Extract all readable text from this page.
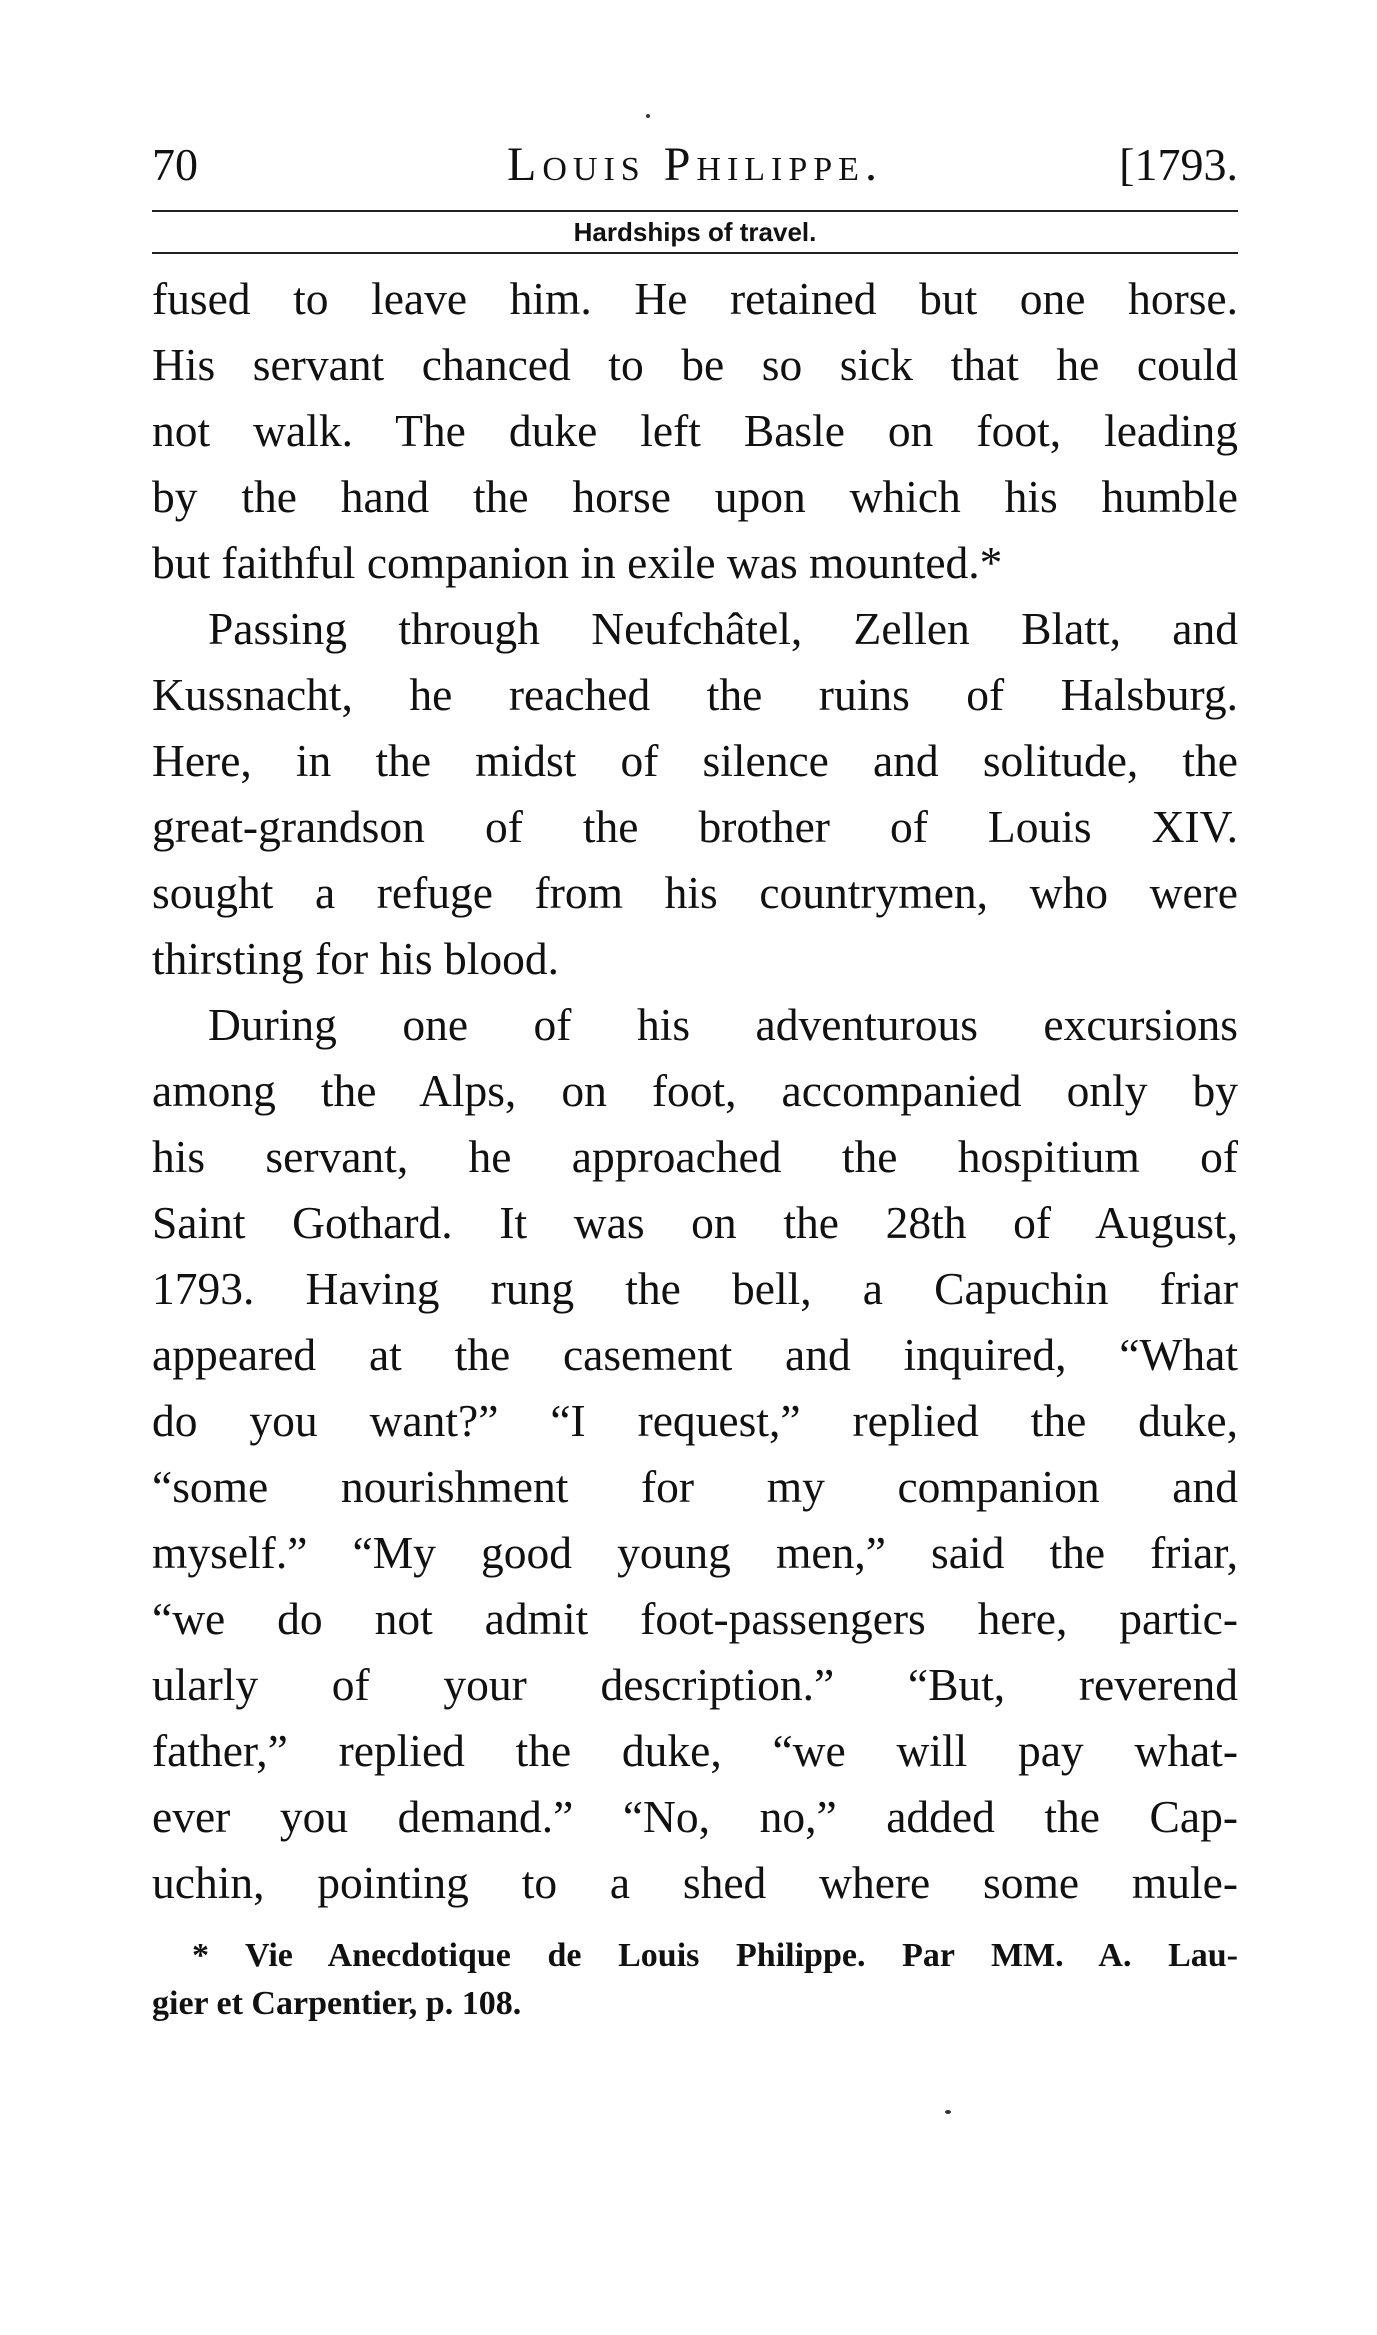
70	Louis Philippe.	[1793.
Hardships of travel.
fused to leave him. He retained but one horse.
His servant chanced to be so sick that he could
not walk. The duke left Basle on foot, leading
by the hand the horse upon which his humble
but faithful companion in exile was mounted.*
Passing through Neufchâtel, Zellen Blatt, and
Kussnacht, he reached the ruins of Halsburg.
Here, in the midst of silence and solitude, the
great-grandson of the brother of Louis XIV.
sought a refuge from his countrymen, who were
thirsting for his blood.
During one of his adventurous excursions
among the Alps, on foot, accompanied only by
his servant, he approached the hospitium of
Saint Gothard. It was on the 28th of August,
1793. Having rung the bell, a Capuchin friar
appeared at the casement and inquired, “What
do you want?” “I request,” replied the duke,
“some nourishment for my companion and
myself.” “My good young men,” said the friar,
“we do not admit foot-passengers here, partic-
ularly of your description.” “But, reverend
father,” replied the duke, “we will pay what-
ever you demand.” “No, no,” added the Cap-
uchin, pointing to a shed where some mule-
* Vie Anecdotique de Louis Philippe. Par MM. A. Lau-
gier et Carpentier, p. 108.
